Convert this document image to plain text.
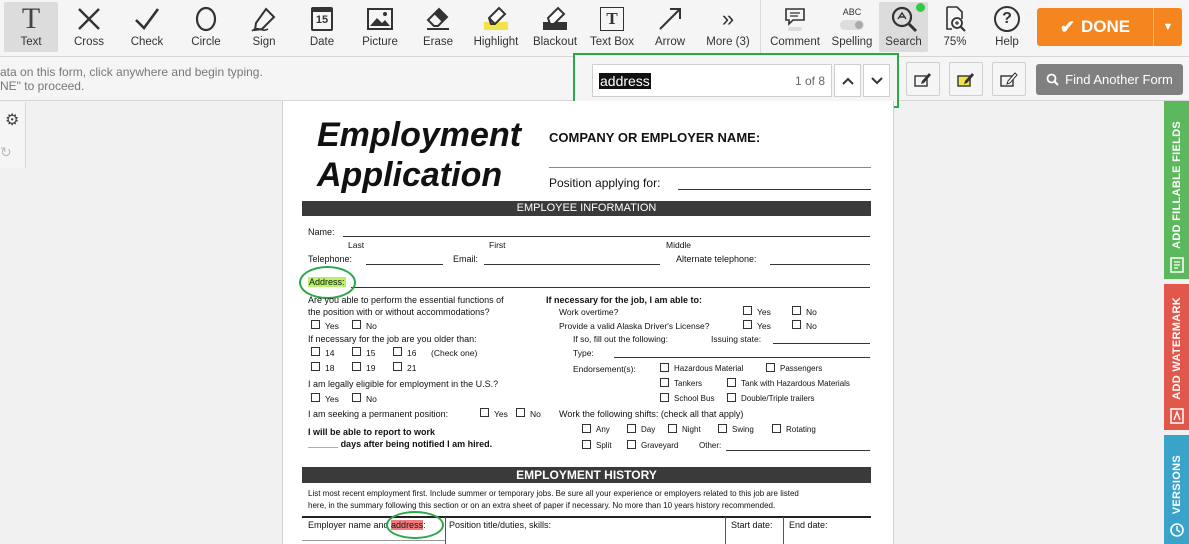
T
Text	Cross Check Circle	Sign
15
Date Picture Erase Highlight Blackout
T
Text Box Arrow
»
More (3) Comment
ABC
Spelling Search 75%
?
Help
✔ DONE	▼
ata on this form, click anywhere and begin typing.
NE" to proceed.	address	1 of 8	Find Another Form
⚙
↻	ADD FILLABLE FIELDS
ADD WATERMARK
VERSIONS
Employment
Application
COMPANY OR EMPLOYER NAME:
Position applying for:
EMPLOYEE INFORMATION
Name:
Last	First	Middle
Telephone:	Email:	Alternate telephone:
Address:
Are you able to perform the essential functions of
the position with or without accommodations?
Yes	No
If necessary for the job are you older than:
14	15	16 (Check one)
18	19	21
I am legally eligible for employment in the U.S.?
Yes	No
I am seeking a permanent position:	Yes	No
I will be able to report to work
______ days after being notified I am hired.
If necessary for the job, I am able to:
Work overtime?	Yes	No
Provide a valid Alaska Driver's License?	Yes	No
If so, fill out the following:	Issuing state:
Type:
Endorsement(s):	Hazardous Material	Passengers
Tankers	Tank with Hazardous Materials
School Bus	Double/Triple trailers
Work the following shifts: (check all that apply)
Any	Day	Night	Swing	Rotating
Split	Graveyard	Other:
EMPLOYMENT HISTORY
List most recent employment first. Include summer or temporary jobs. Be sure all your experience or employers related to this job are listed
here, in the summary following this section or on an extra sheet of paper if necessary. No more than 10 years history recommended.
Employer name and address:	Position title/duties, skills:	Start date: End date:
